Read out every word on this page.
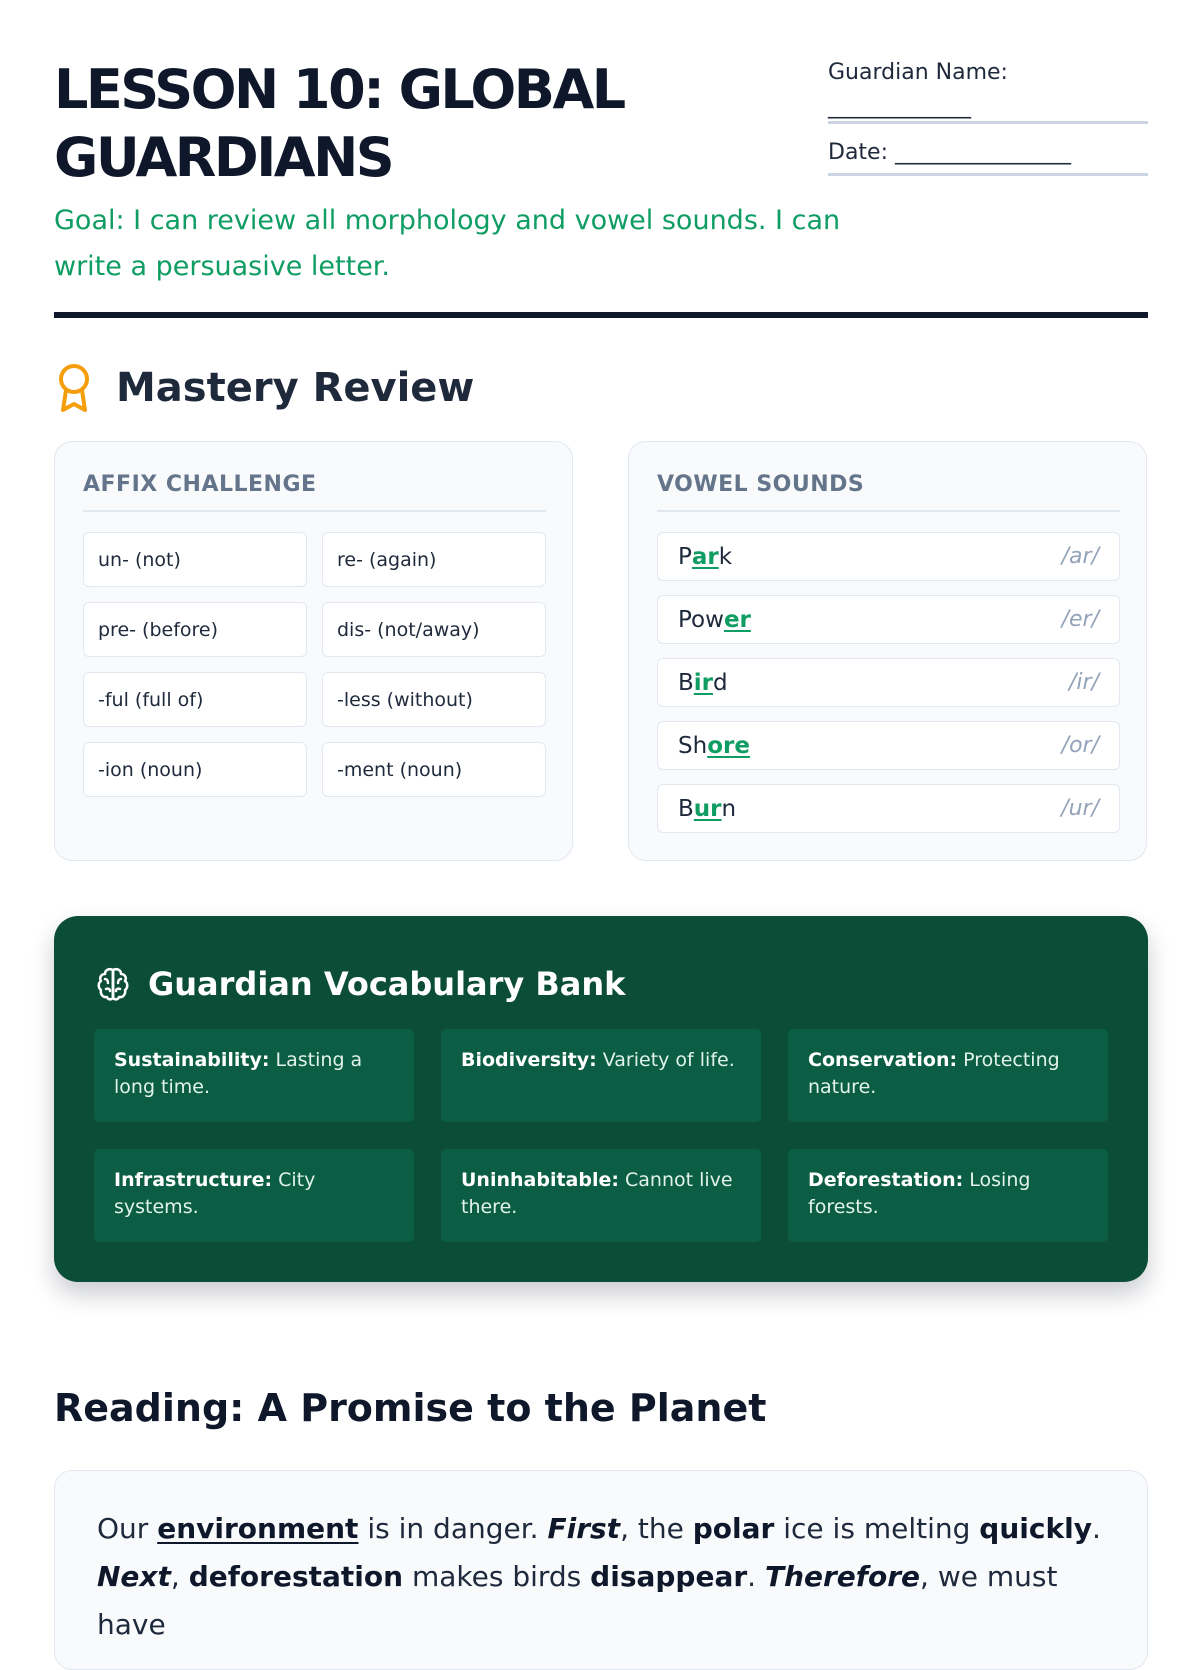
LESSON 10: GLOBAL
GUARDIANS
Goal: I can review all morphology and vowel sounds. I can write a persuasive letter.
Guardian Name: _____________
Date: ________________
Mastery Review
AFFIX CHALLENGE
un- (not)	re- (again)
pre- (before)	dis- (not/away)
-ful (full of)	-less (without)
-ion (noun)	-ment (noun)
VOWEL SOUNDS
Park	/ar/
Power	/er/
Bird	/ir/
Shore	/or/
Burn	/ur/
Guardian Vocabulary Bank
Sustainability: Lasting a long time.
Biodiversity: Variety of life.	Conservation: Protecting nature.
Infrastructure: City systems.
Uninhabitable: Cannot live there.
Deforestation: Losing forests.
Reading: A Promise to the Planet

Our environment is in danger. First, the polar ice is melting quickly.
Next, deforestation makes birds disappear. Therefore, we must have
